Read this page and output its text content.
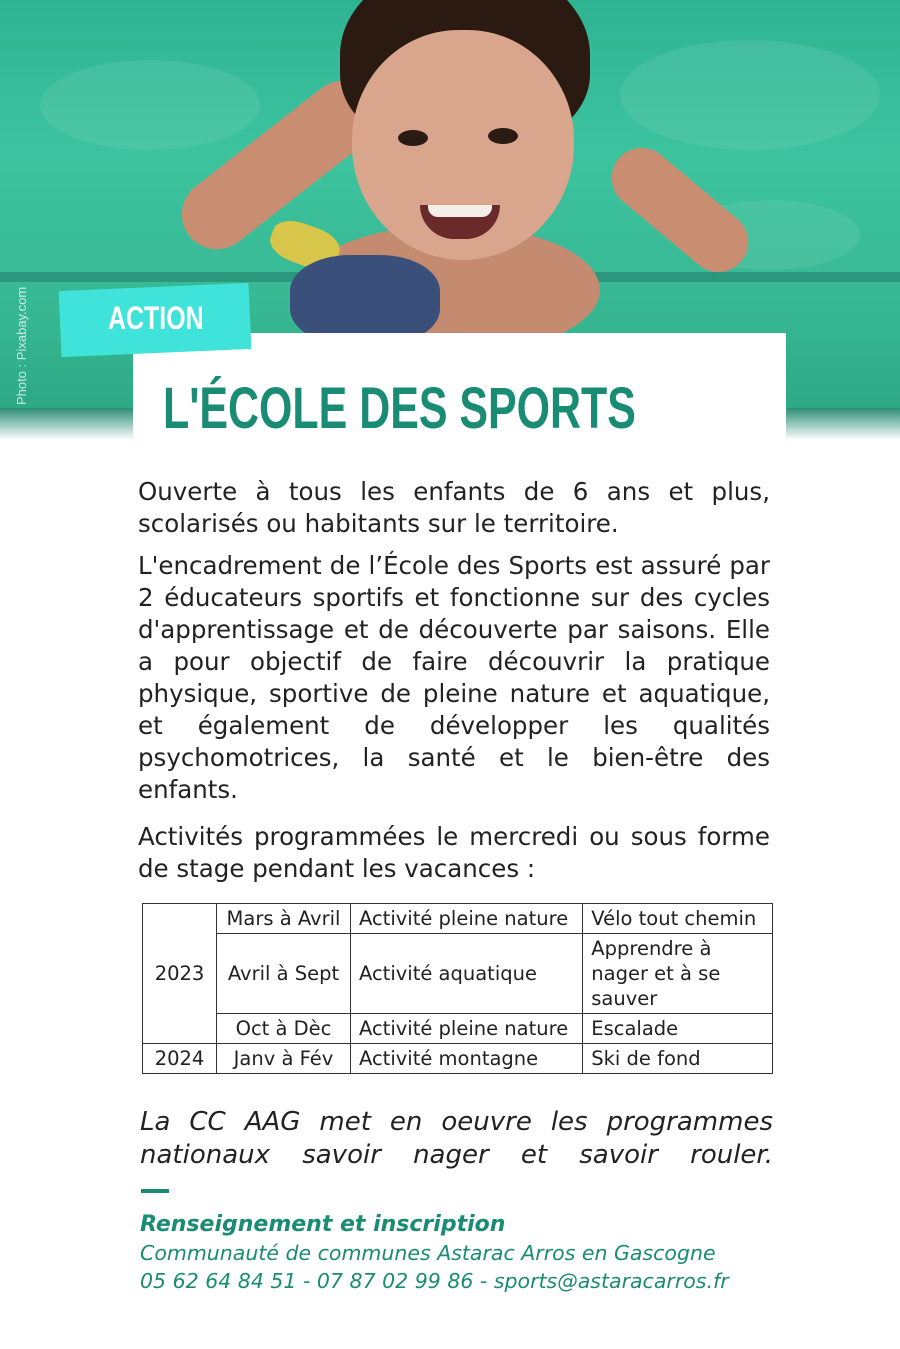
Photo : Pixabay.com ACTION
L'ÉCOLE DES SPORTS

Ouverte à tous les enfants de 6 ans et plus, scolarisés ou habitants sur le territoire.

L'encadrement de l’École des Sports est assuré par 2 éducateurs sportifs et fonctionne sur des cycles d'apprentissage et de découverte par saisons. Elle a pour objectif de faire découvrir la pratique physique, sportive de pleine nature et aquatique, et également de développer les qualités psychomotrices, la santé et le bien-être des enfants.

Activités programmées le mercredi ou sous forme de stage pendant les vacances :

2023	Mars à Avril	Activité pleine nature	Vélo tout chemin
	Avril à Sept	Activité aquatique	Apprendre à nager et à se sauver
	Oct à Dèc	Activité pleine nature	Escalade
2024	Janv à Fév	Activité montagne	Ski de fond

La CC AAG met en oeuvre les programmes nationaux savoir nager et savoir rouler.

Renseignement et inscription
Communauté de communes Astarac Arros en Gascogne
05 62 64 84 51 - 07 87 02 99 86 - sports@astaracarros.fr
